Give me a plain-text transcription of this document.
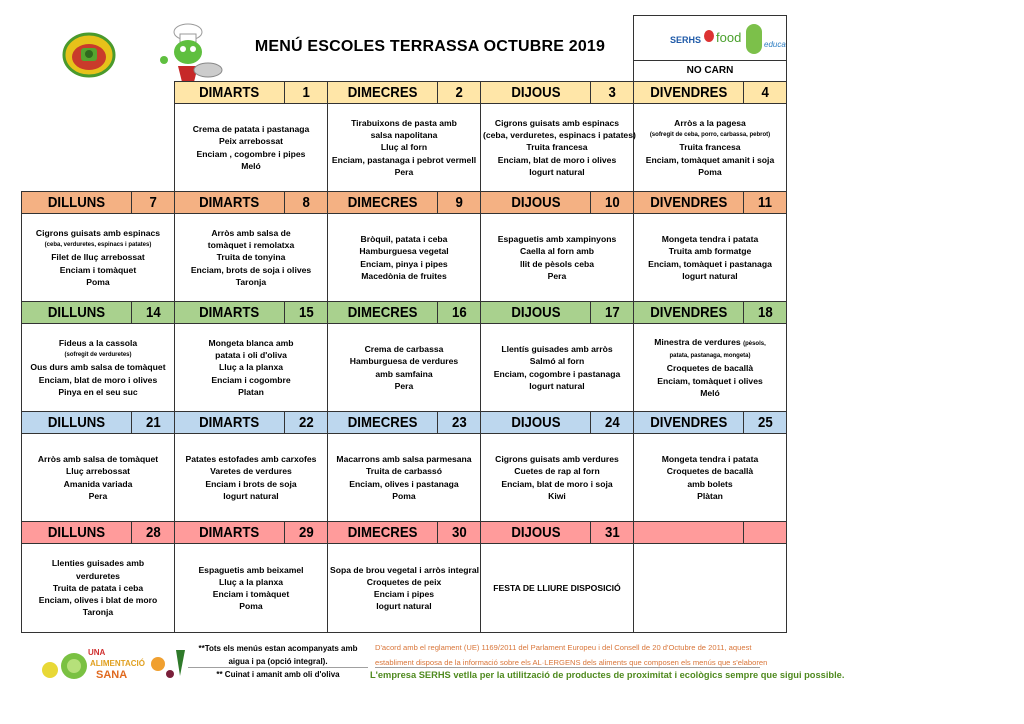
MENÚ ESCOLES TERRASSA OCTUBRE 2019	SERHS food	educa
NO CARN
DIMARTS	1
Crema de patata i pastanaga
Peix arrebossat
Enciam , cogombre i pipes
Meló
DIMECRES	2
Tirabuixons de pasta amb
salsa napolitana
Lluç al forn
Enciam, pastanaga i pebrot vermell
Pera
DIJOUS	3
Cigrons guisats amb espinacs
(ceba, verduretes, espinacs i patates)
Truita francesa
Enciam, blat de moro i olives
Iogurt natural
DIVENDRES	4
Arròs a la pagesa
(sofregit de ceba, porro, carbassa, pebrot)
Truita francesa
Enciam, tomàquet amanit i soja
Poma
DILLUNS	7
Cigrons guisats amb espinacs
(ceba, verduretes, espinacs i patates)
Filet de lluç arrebossat
Enciam i tomàquet
Poma
DIMARTS	8
Arròs amb salsa de
tomàquet i remolatxa
Truita de tonyina
Enciam, brots de soja i olives
Taronja
DIMECRES	9
Bròquil, patata i ceba
Hamburguesa vegetal
Enciam, pinya i pipes
Macedònia de fruites
DIJOUS	10
Espaguetis amb xampinyons
Caella al forn amb
llit de pèsols ceba
Pera
DIVENDRES	11
Mongeta tendra i patata
Truita amb formatge
Enciam, tomàquet i pastanaga
Iogurt natural
DILLUNS	14
Fideus a la cassola
(sofregit de verduretes)
Ous durs amb salsa de tomàquet
Enciam, blat de moro i olives
Pinya en el seu suc
DIMARTS	15
Mongeta blanca amb
patata i oli d'oliva
Lluç a la planxa
Enciam i cogombre
Platan
DIMECRES	16
Crema de carbassa
Hamburguesa de verdures
amb samfaina
Pera
DIJOUS	17
Llentís guisades amb arròs
Salmó al forn
Enciam, cogombre i pastanaga
Iogurt natural
DIVENDRES	18
Minestra de verdures (pèsols,
patata, pastanaga, mongeta)
Croquetes de bacallà
Enciam, tomàquet i olives
Meló
DILLUNS	21
Arròs amb salsa de tomàquet
Lluç arrebossat
Amanida variada
Pera
DIMARTS	22
Patates estofades amb carxofes
Varetes de verdures
Enciam i brots de soja
Iogurt natural
DIMECRES	23
Macarrons amb salsa parmesana
Truita de carbassó
Enciam, olives i pastanaga
Poma
DIJOUS	24
Cigrons guisats amb verdures
Cuetes de rap al forn
Enciam, blat de moro i soja
Kiwi
DIVENDRES	25
Mongeta tendra i patata
Croquetes de bacallà
amb bolets
Plàtan
DILLUNS	28
Llenties guisades amb
verduretes
Truita de patata i ceba
Enciam, olives i blat de moro
Taronja
DIMARTS	29
Espaguetis amb beixamel
Lluç a la planxa
Enciam i tomàquet
Poma
DIMECRES	30
Sopa de brou vegetal i arròs integral
Croquetes de peix
Enciam i pipes
Iogurt natural
DIJOUS	31
FESTA DE LLIURE DISPOSICIÓ
UNA
ALIMENTACIÓ
SANA
**Tots els menús estan acompanyats amb aigua i pa (opció integral).
** Cuinat i amanit amb oli d'oliva
D'acord amb el reglament (UE) 1169/2011 del Parlament Europeu i del Consell de 20 d'Octubre de 2011, aquest establiment disposa de la informació sobre els AL·LERGENS dels aliments que composen els menús que s'elaboren
L'empresa SERHS vetlla per la utilització de productes de proximitat i ecològics sempre que sigui possible.
